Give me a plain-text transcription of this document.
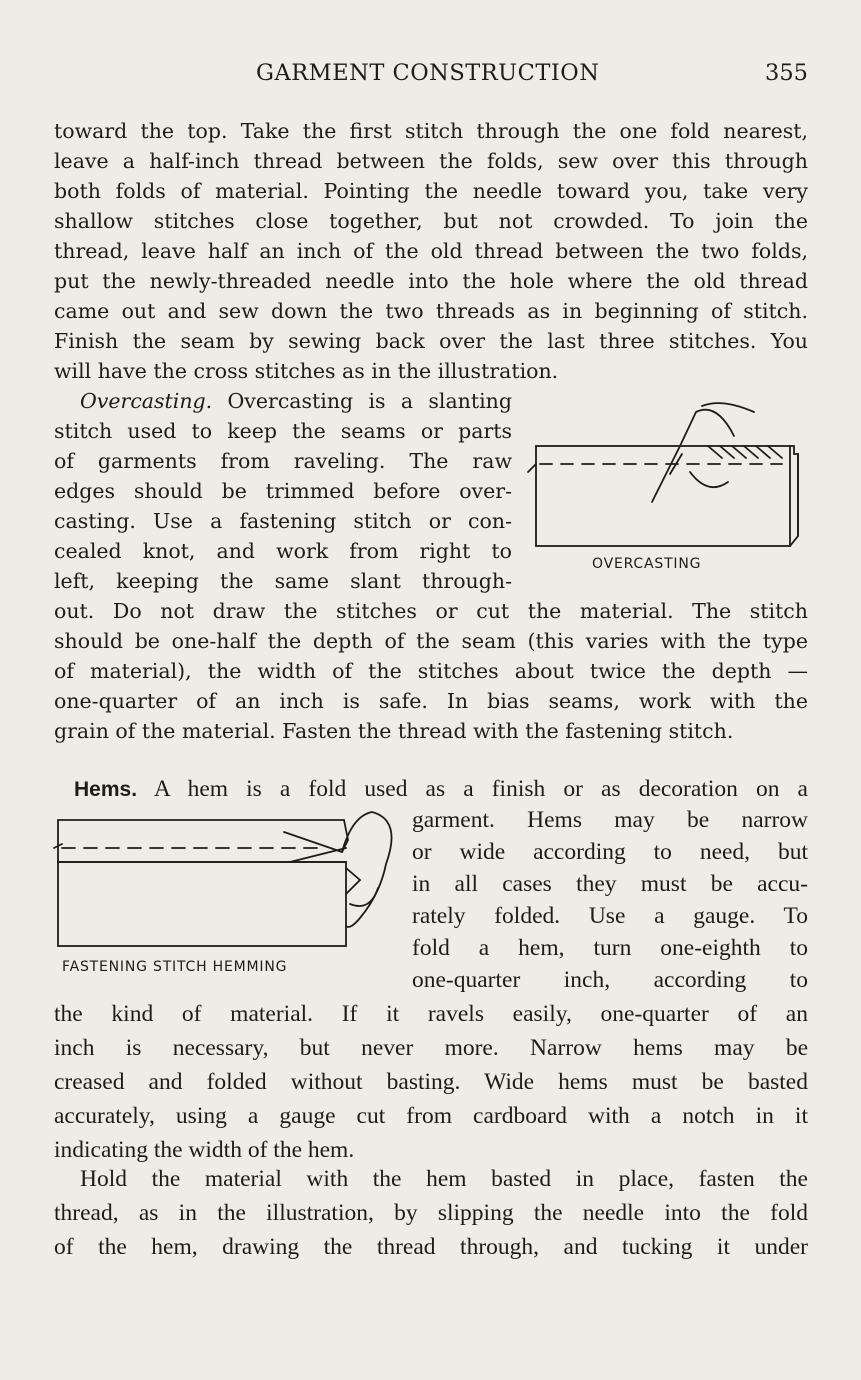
GARMENT CONSTRUCTION	355
toward the top. Take the first stitch through the one fold nearest,
leave a half-inch thread between the folds, sew over this through
both folds of material. Pointing the needle toward you, take very
shallow stitches close together, but not crowded. To join the
thread, leave half an inch of the old thread between the two folds,
put the newly-threaded needle into the hole where the old thread
came out and sew down the two threads as in beginning of stitch.
Finish the seam by sewing back over the last three stitches. You
will have the cross stitches as in the illustration.
Overcasting. Overcasting is a slanting
stitch used to keep the seams or parts
of garments from raveling. The raw
edges should be trimmed before over-
casting. Use a fastening stitch or con-
cealed knot, and work from right to
left, keeping the same slant through-
out. Do not draw the stitches or cut the material. The stitch
should be one-half the depth of the seam (this varies with the type
of material), the width of the stitches about twice the depth —
one-quarter of an inch is safe. In bias seams, work with the
grain of the material. Fasten the thread with the fastening stitch.
OVERCASTING
Hems. A hem is a fold used as a finish or as decoration on a
garment. Hems may be narrow
or wide according to need, but
in all cases they must be accu-
rately folded. Use a gauge. To
fold a hem, turn one-eighth to
one-quarter inch, according to
the kind of material. If it ravels easily, one-quarter of an
inch is necessary, but never more. Narrow hems may be
creased and folded without basting. Wide hems must be basted
accurately, using a gauge cut from cardboard with a notch in it
indicating the width of the hem.
Hold the material with the hem basted in place, fasten the
thread, as in the illustration, by slipping the needle into the fold
of the hem, drawing the thread through, and tucking it under
FASTENING STITCH HEMMING
